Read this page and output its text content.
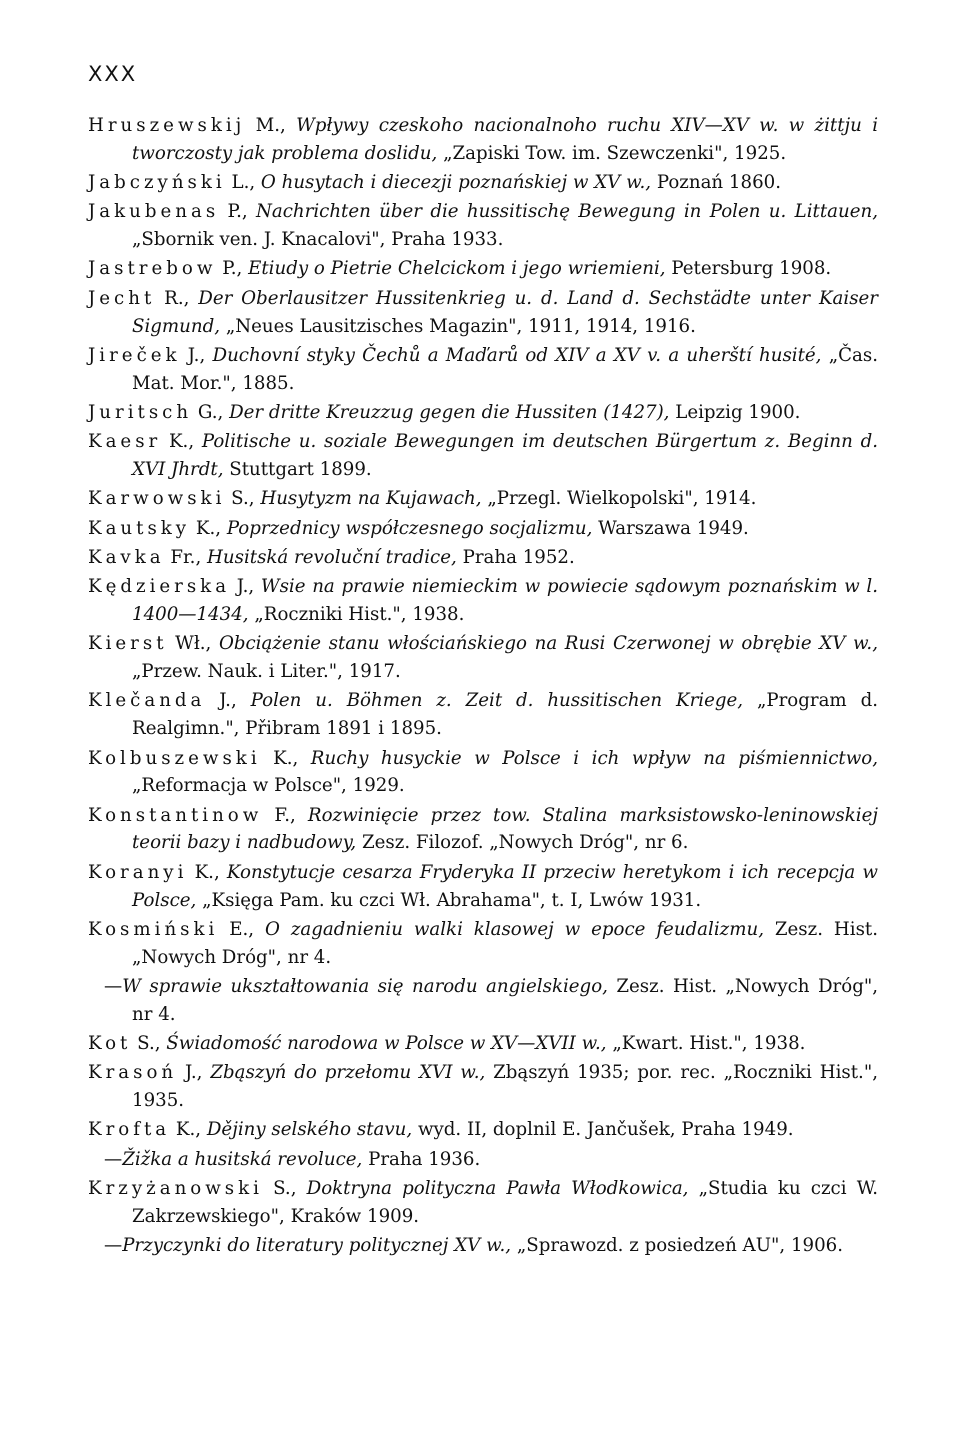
XXX
Hruszewskij M., Wpływy czeskoho nacionalnoho ruchu XIV—XV w. w żittju i tworczosty jak problema doslidu, „Zapiski Tow. im. Szewczenki", 1925.
Jabczyński L., O husytach i diecezji poznańskiej w XV w., Poznań 1860.
Jakubenas P., Nachrichten über die hussitischę Bewegung in Polen u. Littauen, „Sbornik ven. J. Knacalovi", Praha 1933.
Jastrebow P., Etiudy o Pietrie Chelcickom i jego wriemieni, Petersburg 1908.
Jecht R., Der Oberlausitzer Hussitenkrieg u. d. Land d. Sechstädte unter Kaiser Sigmund, „Neues Lausitzisches Magazin", 1911, 1914, 1916.
Jireček J., Duchovní styky Čechů a Maďarů od XIV a XV v. a uherští husité, „Čas. Mat. Mor.", 1885.
Juritsch G., Der dritte Kreuzzug gegen die Hussiten (1427), Leipzig 1900.
Kaesr K., Politische u. soziale Bewegungen im deutschen Bürgertum z. Beginn d. XVI Jhrdt, Stuttgart 1899.
Karwowski S., Husytyzm na Kujawach, „Przegl. Wielkopolski", 1914.
Kautsky K., Poprzednicy współczesnego socjalizmu, Warszawa 1949.
Kavka Fr., Husitská revoluční tradice, Praha 1952.
Kędzierska J., Wsie na prawie niemieckim w powiecie sądowym poznańskim w l. 1400—1434, „Roczniki Hist.", 1938.
Kierst Wł., Obciążenie stanu włościańskiego na Rusi Czerwonej w obrębie XV w., „Przew. Nauk. i Liter.", 1917.
Klečanda J., Polen u. Böhmen z. Zeit d. hussitischen Kriege, „Program d. Realgimn.", Přibram 1891 i 1895.
Kolbuszewski K., Ruchy husyckie w Polsce i ich wpływ na piśmiennictwo, „Reformacja w Polsce", 1929.
Konstantinow F., Rozwinięcie przez tow. Stalina marksistowsko-leninowskiej teorii bazy i nadbudowy, Zesz. Filozof. „Nowych Dróg", nr 6.
Koranyi K., Konstytucje cesarza Fryderyka II przeciw heretykom i ich recepcja w Polsce, „Księga Pam. ku czci Wł. Abrahama", t. I, Lwów 1931.
Kosmiński E., O zagadnieniu walki klasowej w epoce feudalizmu, Zesz. Hist. „Nowych Dróg", nr 4.
—W sprawie ukształtowania się narodu angielskiego, Zesz. Hist. „Nowych Dróg", nr 4.
Kot S., Świadomość narodowa w Polsce w XV—XVII w., „Kwart. Hist.", 1938.
Krasoń J., Zbąszyń do przełomu XVI w., Zbąszyń 1935; por. rec. „Roczniki Hist.", 1935.
Krofta K., Dějiny selského stavu, wyd. II, doplnil E. Jančušek, Praha 1949.
—Žižka a husitská revoluce, Praha 1936.
Krzyżanowski S., Doktryna polityczna Pawła Włodkowica, „Studia ku czci W. Zakrzewskiego", Kraków 1909.
—Przyczynki do literatury politycznej XV w., „Sprawozd. z posiedzeń AU", 1906.
